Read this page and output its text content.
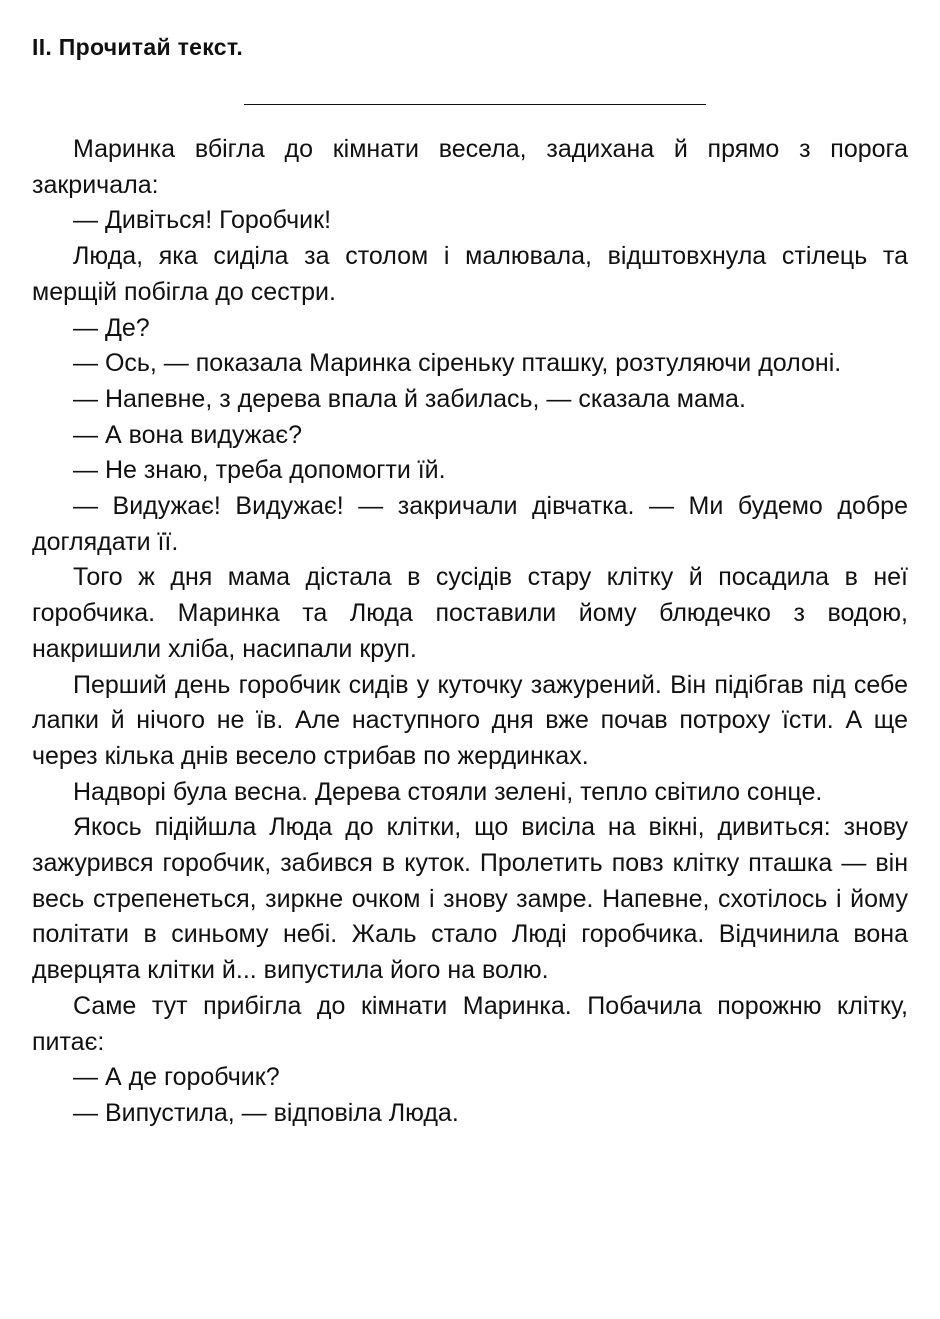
II. Прочитай текст.

Маринка вбігла до кімнати весела, задихана й прямо з порога закричала:

— Дивіться! Горобчик!

Люда, яка сиділа за столом і малювала, відштовхнула стілець та мерщій побігла до сестри.

— Де?

— Ось, — показала Маринка сіреньку пташку, розтуляючи долоні.

— Напевне, з дерева впала й забилась, — сказала мама.

— А вона видужає?

— Не знаю, треба допомогти їй.

— Видужає! Видужає! — закричали дівчатка. — Ми будемо добре доглядати її.

Того ж дня мама дістала в сусідів стару клітку й посадила в неї горобчика. Маринка та Люда поставили йому блюдечко з водою, накришили хліба, насипали круп.

Перший день горобчик сидів у куточку зажурений. Він підібгав під себе лапки й нічого не їв. Але наступного дня вже почав потроху їсти. А ще через кілька днів весело стрибав по жердинках.

Надворі була весна. Дерева стояли зелені, тепло світило сонце.

Якось підійшла Люда до клітки, що висіла на вікні, дивиться: знову зажурився горобчик, забився в куток. Пролетить повз клітку пташка — він весь стрепенеться, зиркне очком і знову замре. Напевне, схотілось і йому політати в синьому небі. Жаль стало Люді горобчика. Відчинила вона дверцята клітки й... випустила його на волю.

Саме тут прибігла до кімнати Маринка. Побачила порожню клітку, питає:

— А де горобчик?

— Випустила, — відповіла Люда.
